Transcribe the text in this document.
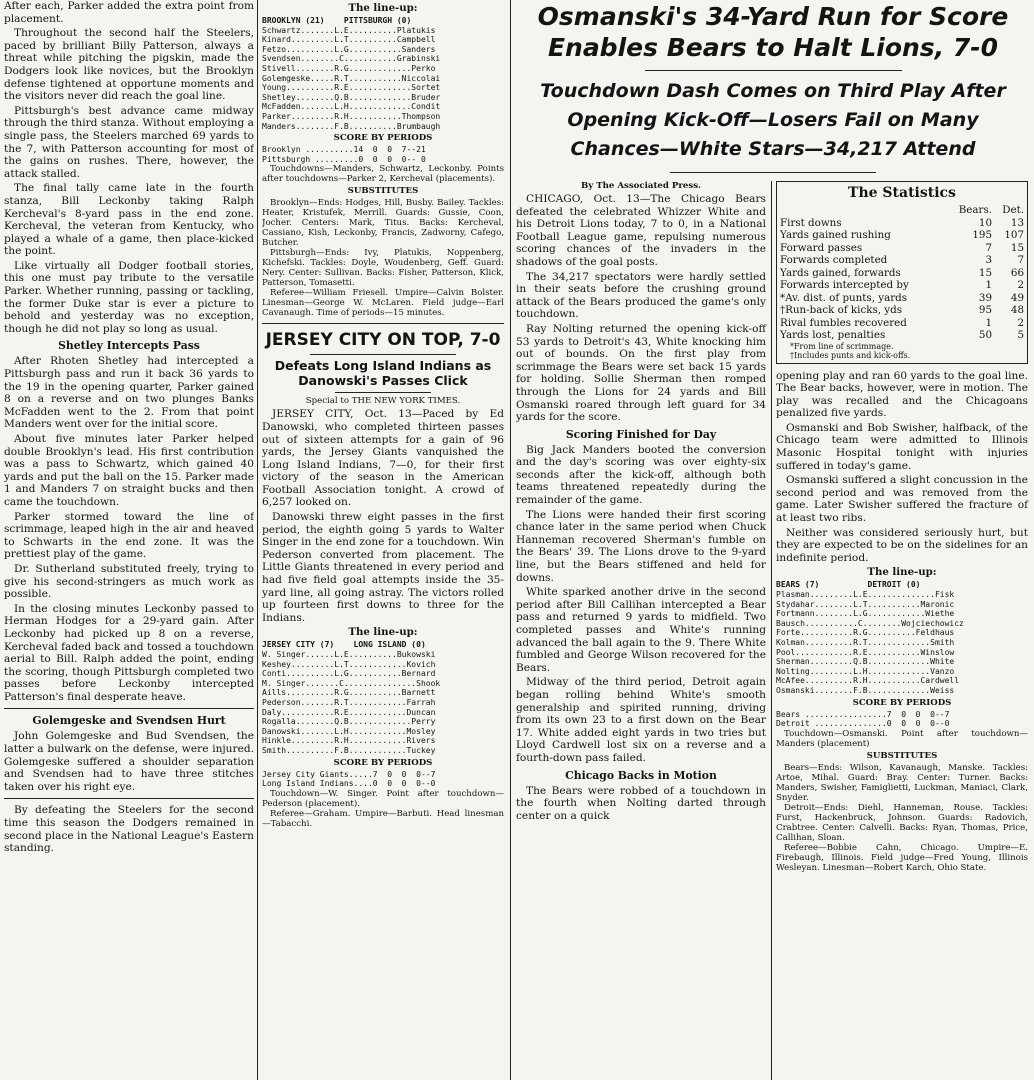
After each, Parker added the extra point from placement.

Throughout the second half the Steelers, paced by brilliant Billy Patterson, always a threat while pitching the pigskin, made the Dodgers look like novices, but the Brooklyn defense tightened at opportune moments and the visitors never did reach the goal line.

Pittsburgh's best advance came midway through the third stanza. Without employing a single pass, the Steelers marched 69 yards to the 7, with Patterson accounting for most of the gains on rushes. There, however, the attack stalled.

The final tally came late in the fourth stanza, Bill Leckonby taking Ralph Kercheval's 8-yard pass in the end zone. Kercheval, the veteran from Kentucky, who played a whale of a game, then place-kicked the point.

Like virtually all Dodger football stories, this one must pay tribute to the versatile Parker. Whether running, passing or tackling, the former Duke star is ever a picture to behold and yesterday was no exception, though he did not play so long as usual.

Shetley Intercepts Pass

After Rhoten Shetley had intercepted a Pittsburgh pass and run it back 36 yards to the 19 in the opening quarter, Parker gained 8 on a reverse and on two plunges Banks McFadden went to the 2. From that point Manders went over for the initial score.

About five minutes later Parker helped double Brooklyn's lead. His first contribution was a pass to Schwartz, which gained 40 yards and put the ball on the 15. Parker made 1 and Manders 7 on straight bucks and then came the touchdown.

Parker stormed toward the line of scrimmage, leaped high in the air and heaved to Schwarts in the end zone. It was the prettiest play of the game.

Dr. Sutherland substituted freely, trying to give his second-stringers as much work as possible.

In the closing minutes Leckonby passed to Herman Hodges for a 29-yard gain. After Leckonby had picked up 8 on a reverse, Kercheval faded back and tossed a touchdown aerial to Bill. Ralph added the point, ending the scoring, though Pittsburgh completed two passes before Leckonby intercepted Patterson's final desperate heave.

Golemgeske and Svendsen Hurt

John Golemgeske and Bud Svendsen, the latter a bulwark on the defense, were injured. Golemgeske suffered a shoulder separation and Svendsen had to have three stitches taken over his right eye.

By defeating the Steelers for the second time this season the Dodgers remained in second place in the National League's Eastern standing.

The line-up:
BROOKLYN (21)    PITTSBURGH (0)
Schwartz.......L.E..........Platukis
Kinard.........L.T..........Campbell
Fetzo..........L.G...........Sanders
Svendsen........C...........Grabinski
Stivell........R.G.............Perko
Golemgeske.....R.T...........Niccolai
Young..........R.E.............Sortet
Shetley........Q.B.............Bruder
McFadden.......L.H.............Condit
Parker.........R.H...........Thompson
Manders........F.B..........Brumbaugh
SCORE BY PERIODS
Brooklyn ..........14  0  0  7--21
Pittsburgh .........0  0  0  0-- 0

Touchdowns—Manders, Schwartz, Leckonby. Points after touchdowns—Parker 2, Kercheval (placements).

SUBSTITUTES

Brooklyn—Ends: Hodges, Hill, Busby. Bailey. Tackles: Heater, Kristufek, Merrill. Guards: Gussie, Coon, Jocher. Centers: Mark, Titus. Backs: Kercheval, Cassiano, Kish, Leckonby, Francis, Zadworny, Cafego, Butcher.

Pittsburgh—Ends: Ivy, Platukis, Noppenberg, Kichefski. Tackles: Doyle, Woudenberg, Geff. Guard: Nery. Center: Sullivan. Backs: Fisher, Patterson, Klick, Patterson, Tomasetti.

Referee—William Friesell. Umpire—Calvin Bolster. Linesman—George W. McLaren. Field judge—Earl Cavanaugh. Time of periods—15 minutes.

JERSEY CITY ON TOP, 7-0
Defeats Long Island Indians as Danowski's Passes Click
Special to THE NEW YORK TIMES.

JERSEY CITY, Oct. 13—Paced by Ed Danowski, who completed thirteen passes out of sixteen attempts for a gain of 96 yards, the Jersey Giants vanquished the Long Island Indians, 7—0, for their first victory of the season in the American Football Association tonight. A crowd of 6,257 looked on.

Danowski threw eight passes in the first period, the eighth going 5 yards to Walter Singer in the end zone for a touchdown. Win Pederson converted from placement. The Little Giants threatened in every period and had five field goal attempts inside the 35-yard line, all going astray. The victors rolled up fourteen first downs to three for the Indians.

The line-up:
JERSEY CITY (7)    LONG ISLAND (0)
W. Singer......L.E..........Bukowski
Keshey.........L.T............Kovich
Conti..........L.G...........Bernard
M. Singer.......C...............Shook
Aills..........R.G...........Barnett
Pederson.......R.T............Farrah
Daly...........R.E............Duncan
Rogalla........Q.B.............Perry
Danowski.......L.H............Mosley
Hinkle.........R.H............Rivers
Smith..........F.B............Tuckey
SCORE BY PERIODS
Jersey City Giants.....7  0  0  0--7
Long Island Indians....0  0  0  0--0

Touchdown—W. Singer. Point after touchdown—Pederson (placement).

Referee—Graham. Umpire—Barbuti. Head linesman—Tabacchi.

Osmanski's 34-Yard Run for Score
Enables Bears to Halt Lions, 7-0
Touchdown Dash Comes on Third Play After
Opening Kick-Off—Losers Fail on Many
Chances—White Stars—34,217 Attend
By The Associated Press.

CHICAGO, Oct. 13—The Chicago Bears defeated the celebrated Whizzer White and his Detroit Lions today, 7 to 0, in a National Football League game, repulsing numerous scoring chances of the invaders in the shadows of the goal posts.

The 34,217 spectators were hardly settled in their seats before the crushing ground attack of the Bears produced the game's only touchdown.

Ray Nolting returned the opening kick-off 53 yards to Detroit's 43, White knocking him out of bounds. On the first play from scrimmage the Bears were set back 15 yards for holding. Sollie Sherman then romped through the Lions for 24 yards and Bill Osmanski roared through left guard for 34 yards for the score.

Scoring Finished for Day

Big Jack Manders booted the conversion and the day's scoring was over eighty-six seconds after the kick-off, although both teams threatened repeatedly during the remainder of the game.

The Lions were handed their first scoring chance later in the same period when Chuck Hanneman recovered Sherman's fumble on the Bears' 39. The Lions drove to the 9-yard line, but the Bears stiffened and held for downs.

White sparked another drive in the second period after Bill Callihan intercepted a Bear pass and returned 9 yards to midfield. Two completed passes and White's running advanced the ball again to the 9. There White fumbled and George Wilson recovered for the Bears.

Midway of the third period, Detroit again began rolling behind White's smooth generalship and spirited running, driving from its own 23 to a first down on the Bear 17. White added eight yards in two tries but Lloyd Cardwell lost six on a reverse and a fourth-down pass failed.

Chicago Backs in Motion

The Bears were robbed of a touchdown in the fourth when Nolting darted through center on a quick

The Statistics
Bears. Det.
First downs	10 13
Yards gained rushing	195 107
Forward passes	7 15
Forwards completed	3 7
Yards gained, forwards	15 66
Forwards intercepted by	1 2
*Av. dist. of punts, yards	39 49
†Run-back of kicks, yds	95 48
Rival fumbles recovered	1 2
Yards lost, penalties	50 5
*From line of scrimmage.
†Includes punts and kick-offs.

opening play and ran 60 yards to the goal line. The Bear backs, however, were in motion. The play was recalled and the Chicagoans penalized five yards.

Osmanski and Bob Swisher, halfback, of the Chicago team were admitted to Illinois Masonic Hospital tonight with injuries suffered in today's game.

Osmanski suffered a slight concussion in the second period and was removed from the game. Later Swisher suffered the fracture of at least two ribs.

Neither was considered seriously hurt, but they are expected to be on the sidelines for an indefinite period.

The line-up:
BEARS (7)          DETROIT (0)
Plasman.........L.E..............Fisk
Stydahar........L.T...........Maronic
Fortmann........L.G............Wiethe
Bausch...........C........Wojciechowicz
Forte...........R.G..........Feldhaus
Kolman..........R.T.............Smith
Pool............R.E...........Winslow
Sherman.........Q.B.............White
Nolting.........L.H.............Vanzo
McAfee..........R.H...........Cardwell
Osmanski........F.B.............Weiss
SCORE BY PERIODS
Bears .................7  0  0  0--7
Detroit ...............0  0  0  0--0

Touchdown—Osmanski. Point after touchdown—Manders (placement)

SUBSTITUTES

Bears—Ends: Wilson, Kavanaugh, Manske. Tackles: Artoe, Mihal. Guard: Bray. Center: Turner. Backs: Manders, Swisher, Famiglietti, Luckman, Maniaci, Clark, Snyder.

Detroit—Ends: Diehl, Hanneman, Rouse. Tackles: Furst, Hackenbruck, Johnson. Guards: Radovich, Crabtree. Center: Calvelli. Backs: Ryan, Thomas, Price, Callihan, Sloan.

Referee—Bobbie Cahn, Chicago. Umpire—E. Firebaugh, Illinois. Field judge—Fred Young, Illinois Wesleyan. Linesman—Robert Karch, Ohio State.
